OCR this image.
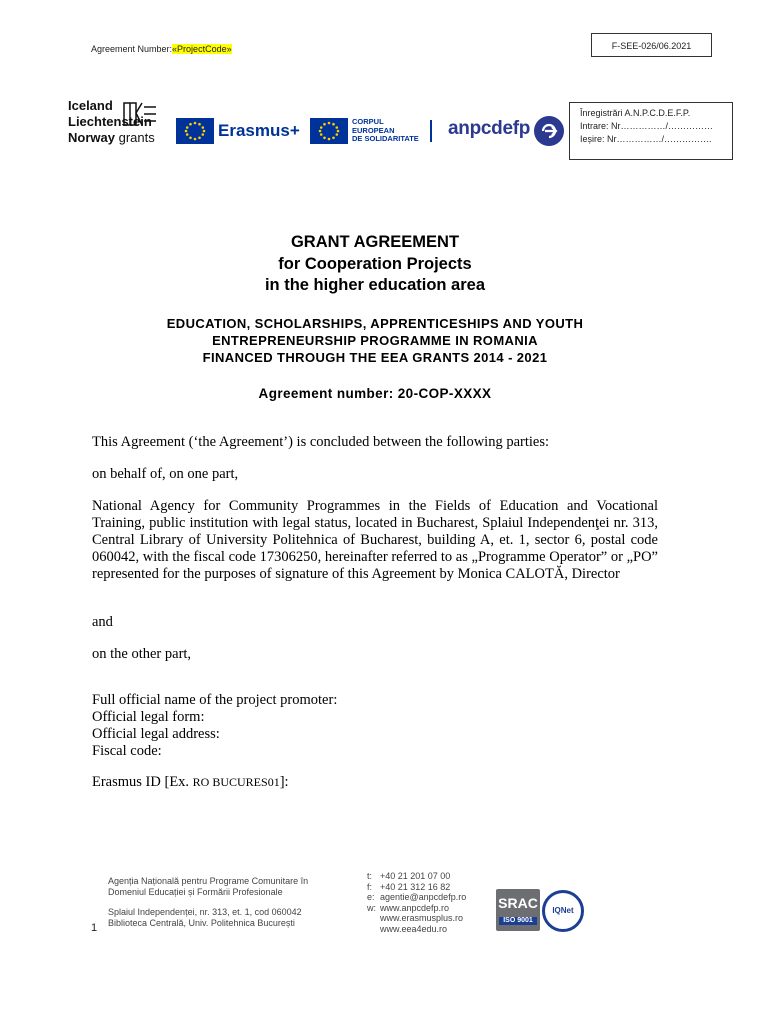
Agreement Number:«ProjectCode»	F-SEE-026/06.2021
Iceland
Liechtenstein
Norway grants	Erasmus+	CORPUL
EUROPEAN
DE SOLIDARITATE anpcdefp
Înregistrări A.N.P.C.D.E.F.P.
Intrare: Nr……………/……………
Ieșire: Nr……………/…………….
GRANT AGREEMENT
for Cooperation Projects
in the higher education area
EDUCATION, SCHOLARSHIPS, APPRENTICESHIPS AND YOUTH
ENTREPRENEURSHIP PROGRAMME IN ROMANIA
FINANCED THROUGH THE EEA GRANTS 2014 - 2021
Agreement number: 20-COP-XXXX
This Agreement (‘the Agreement’) is concluded between the following parties:
on behalf of, on one part,
National Agency for Community Programmes in the Fields of Education and Vocational Training, public institution with legal status, located in Bucharest, Splaiul Independenţei nr. 313, Central Library of University Politehnica of Bucharest, building A, et. 1, sector 6, postal code 060042, with the fiscal code 17306250, hereinafter referred to as „Programme Operator” or „PO” represented for the purposes of signature of this Agreement by Monica CALOTĂ, Director
and
on the other part,
Full official name of the project promoter:
Official legal form:
Official legal address:
Fiscal code:
Erasmus ID [Ex. RO BUCURES01]:
Agenția Națională pentru Programe Comunitare în
Domeniul Educației și Formării Profesionale
Splaiul Independenței, nr. 313, et. 1, cod 060042
Biblioteca Centrală, Univ. Politehnica București
t: +40 21 201 07 00
f: +40 21 312 16 82
e: agentie@anpcdefp.ro
w: www.anpcdefp.ro
www.erasmusplus.ro
www.eea4edu.ro
SRAC
ISO 9001
IQNet
1
